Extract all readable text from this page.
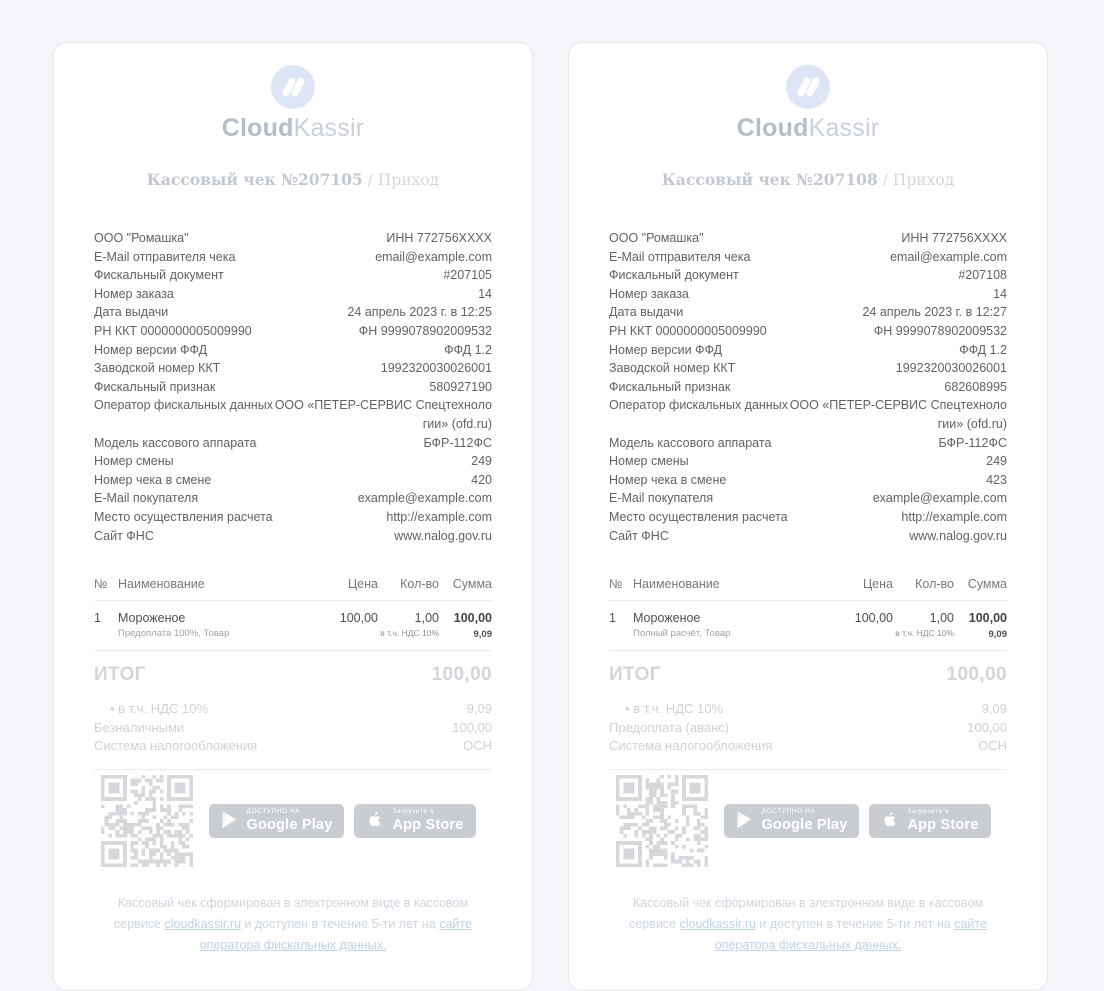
CloudKassir
Кассовый чек №207105 / Приход
ООО "Ромашка"	ИНН 772756XXXX
E-Mail отправителя чека	email@example.com
Фискальный документ	#207105
Номер заказа	14
Дата выдачи	24 апрель 2023 г. в 12:25
РН ККТ 0000000005009990	ФН 9999078902009532
Номер версии ФФД	ФФД 1.2
Заводской номер ККТ	1992320030026001
Фискальный признак	580927190
Оператор фискальных данных ООО «ПЕТЕР-СЕРВИС Спецтехнологии» (ofd.ru)
Модель кассового аппарата	БФР-112ФС
Номер смены	249
Номер чека в смене	420
E-Mail покупателя	example@example.com
Место осуществления расчета	http://example.com
Сайт ФНС	www.nalog.gov.ru
№ Наименование	Цена	Кол-во	Сумма
1	Мороженое	100,00	1,00	100,00
Предоплата 100%, Товар	в т.ч. НДС 10%	9,09
ИТОГ	100,00
• в т.ч. НДС 10%	9,09
Безналичными	100,00
Система налогообложения	ОСН
ДОСТУПНО НА
Google Play
Загрузите в
App Store
Кассовый чек сформирован в электронном виде в кассовом сервисе cloudkassir.ru и доступен в течение 5-ти лет на сайте оператора фискальных данных.
CloudKassir
Кассовый чек №207108 / Приход
ООО "Ромашка"	ИНН 772756XXXX
E-Mail отправителя чека	email@example.com
Фискальный документ	#207108
Номер заказа	14
Дата выдачи	24 апрель 2023 г. в 12:27
РН ККТ 0000000005009990	ФН 9999078902009532
Номер версии ФФД	ФФД 1.2
Заводской номер ККТ	1992320030026001
Фискальный признак	682608995
Оператор фискальных данных ООО «ПЕТЕР-СЕРВИС Спецтехнологии» (ofd.ru)
Модель кассового аппарата	БФР-112ФС
Номер смены	249
Номер чека в смене	423
E-Mail покупателя	example@example.com
Место осуществления расчета	http://example.com
Сайт ФНС	www.nalog.gov.ru
№ Наименование	Цена	Кол-во	Сумма
1	Мороженое	100,00	1,00	100,00
Полный расчёт, Товар	в т.ч. НДС 10%	9,09
ИТОГ	100,00
• в т.ч. НДС 10%	9,09
Предоплата (аванс)	100,00
Система налогообложения	ОСН
ДОСТУПНО НА
Google Play
Загрузите в
App Store
Кассовый чек сформирован в электронном виде в кассовом сервисе cloudkassir.ru и доступен в течение 5-ти лет на сайте оператора фискальных данных.
